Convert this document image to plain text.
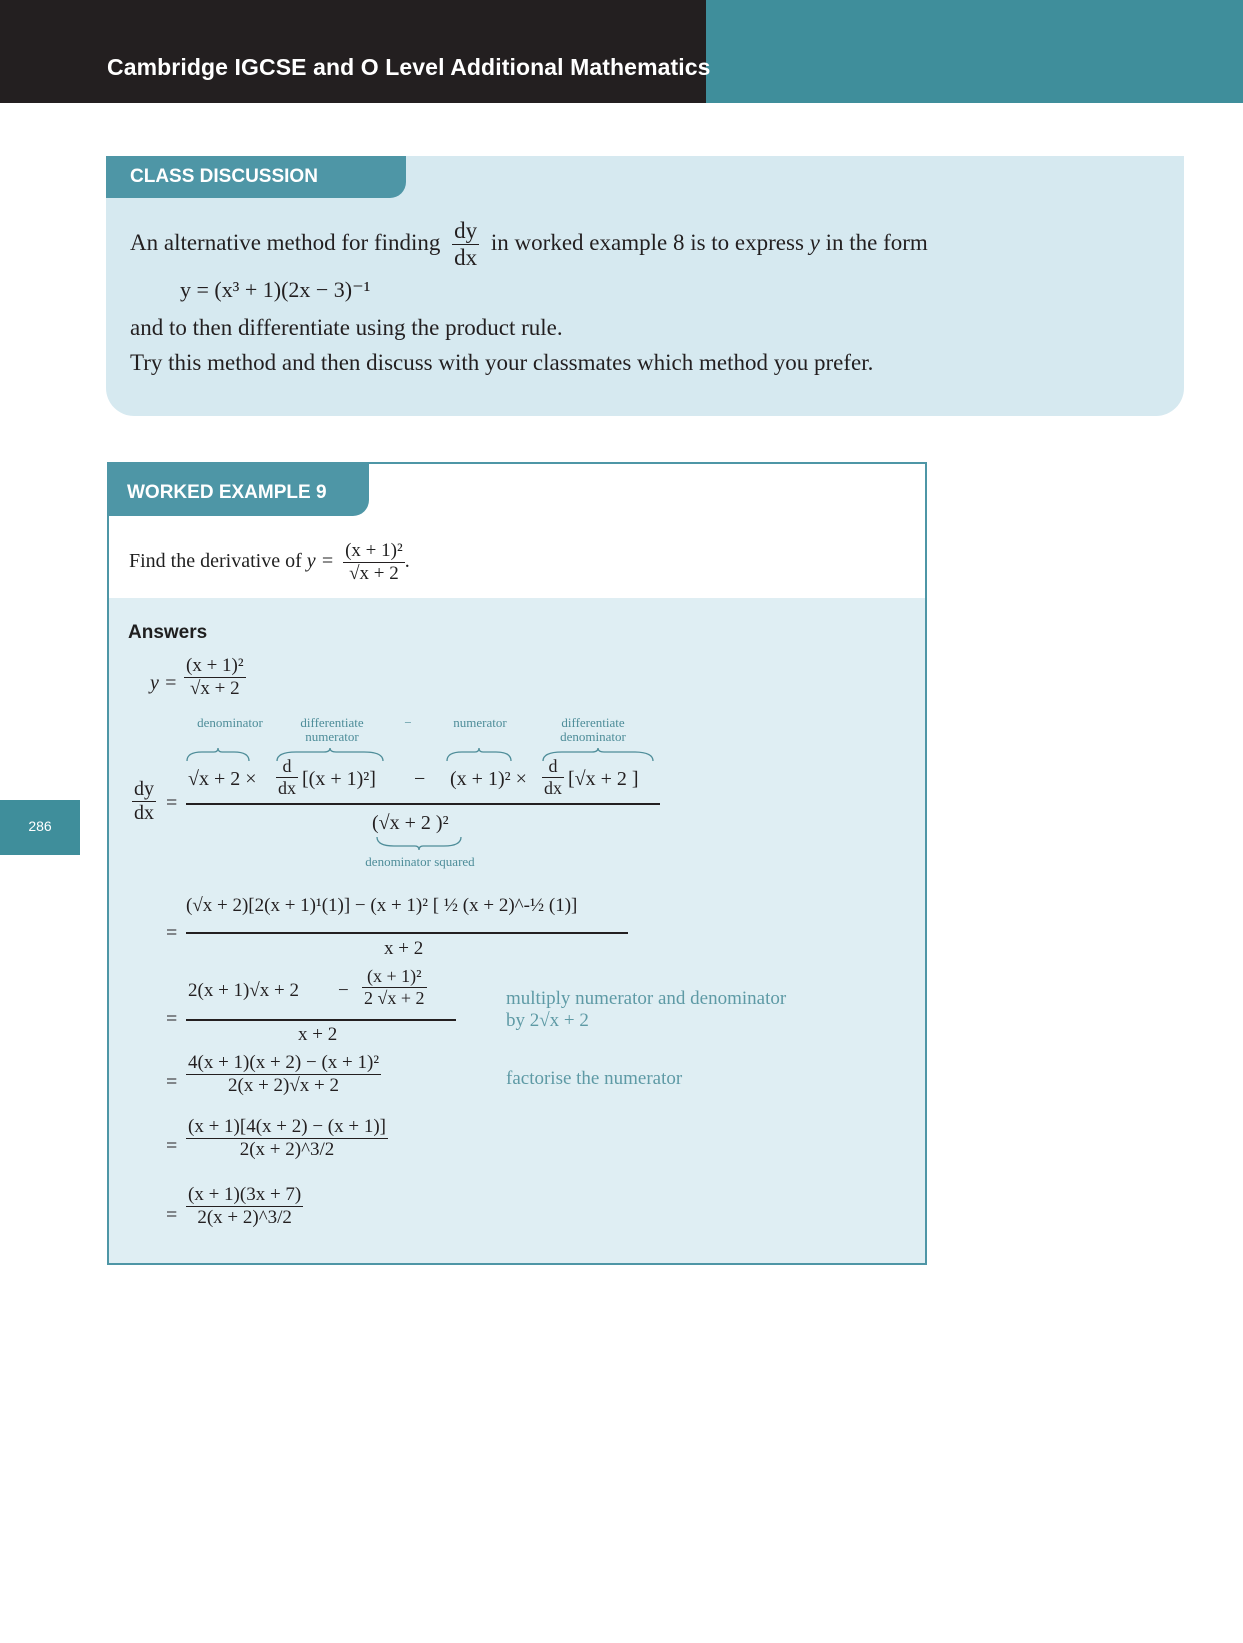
Cambridge IGCSE and O Level Additional Mathematics
CLASS DISCUSSION
An alternative method for finding $\frac{dy}{dx}$ in worked example 8 is to express y in the form
y = (x³ + 1)(2x − 3)⁻¹
and to then differentiate using the product rule.
Try this method and then discuss with your classmates which method you prefer.
WORKED EXAMPLE 9
Find the derivative of $y = \frac{\text{(x + 1)²}}{√x + 2}$ .
Answers
$y = \frac{\text{(x + 1)²}}{√x + 2}$
denominator	differentiate
numerator
−	numerator	differentiate
denominator
denominator squared
$\frac{dy}{dx}$ =
$√x + 2 \times \frac{d}{dx} [(x + 1)^2] - (x + 1)^2 \times \frac{d}{dx} [√x + 2$ ]
(√x + 2 )²
=
(√x + 2)[2(x + 1)¹(1)] − (x + 1)² [ ½ (x + 2)^-½ (1)]
x + 2
=
$2(x + 1)√x + 2 - \frac{\text{(x + 1)²}}{2 √x + 2}$
x + 2
multiply numerator and denominator
by 2√x + 2
= $\frac{\text{4(x + 1)(x + 2) − (x + 1)²}}{2(x + 2)√x + 2}$	factorise the numerator
= $\frac{(x + 1)[4(x + 2) - (x + 1)]}{2(x + 2)\^{}3/2}$
= $\frac{(x + 1)(3x + 7)}{2(x + 2)\^{}3/2}$
286
